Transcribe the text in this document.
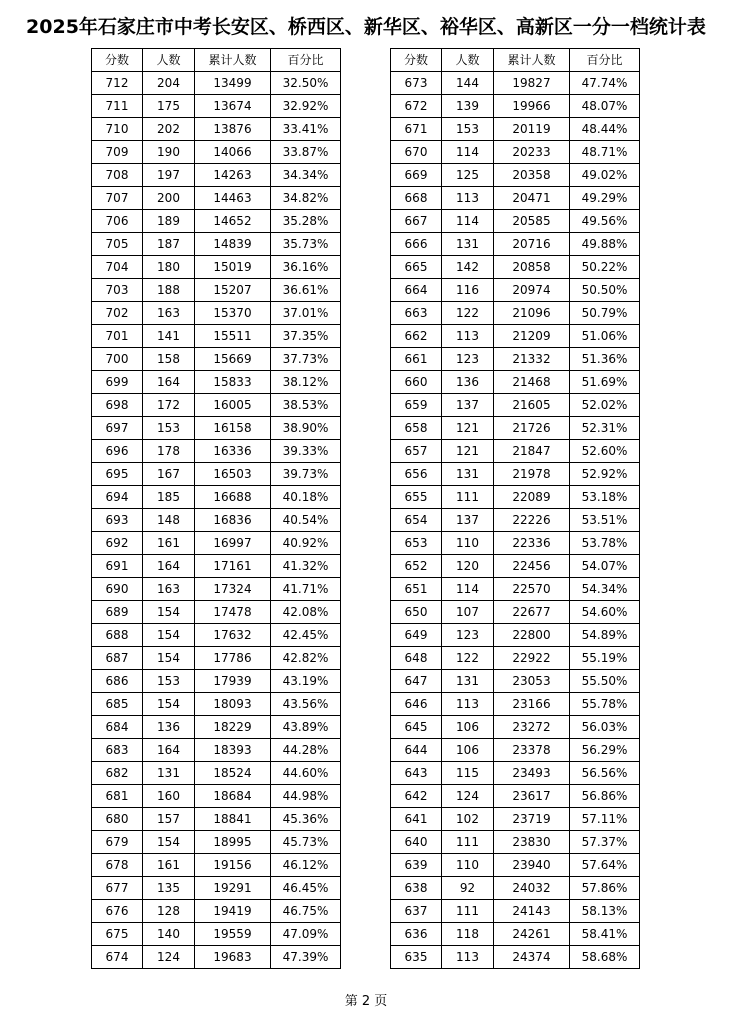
2025年石家庄市中考长安区、桥西区、新华区、裕华区、高新区一分一档统计表
分数	人数	累计人数	百分比
712	204	13499	32.50%
711	175	13674	32.92%
710	202	13876	33.41%
709	190	14066	33.87%
708	197	14263	34.34%
707	200	14463	34.82%
706	189	14652	35.28%
705	187	14839	35.73%
704	180	15019	36.16%
703	188	15207	36.61%
702	163	15370	37.01%
701	141	15511	37.35%
700	158	15669	37.73%
699	164	15833	38.12%
698	172	16005	38.53%
697	153	16158	38.90%
696	178	16336	39.33%
695	167	16503	39.73%
694	185	16688	40.18%
693	148	16836	40.54%
692	161	16997	40.92%
691	164	17161	41.32%
690	163	17324	41.71%
689	154	17478	42.08%
688	154	17632	42.45%
687	154	17786	42.82%
686	153	17939	43.19%
685	154	18093	43.56%
684	136	18229	43.89%
683	164	18393	44.28%
682	131	18524	44.60%
681	160	18684	44.98%
680	157	18841	45.36%
679	154	18995	45.73%
678	161	19156	46.12%
677	135	19291	46.45%
676	128	19419	46.75%
675	140	19559	47.09%
674	124	19683	47.39%
分数	人数	累计人数	百分比
673	144	19827	47.74%
672	139	19966	48.07%
671	153	20119	48.44%
670	114	20233	48.71%
669	125	20358	49.02%
668	113	20471	49.29%
667	114	20585	49.56%
666	131	20716	49.88%
665	142	20858	50.22%
664	116	20974	50.50%
663	122	21096	50.79%
662	113	21209	51.06%
661	123	21332	51.36%
660	136	21468	51.69%
659	137	21605	52.02%
658	121	21726	52.31%
657	121	21847	52.60%
656	131	21978	52.92%
655	111	22089	53.18%
654	137	22226	53.51%
653	110	22336	53.78%
652	120	22456	54.07%
651	114	22570	54.34%
650	107	22677	54.60%
649	123	22800	54.89%
648	122	22922	55.19%
647	131	23053	55.50%
646	113	23166	55.78%
645	106	23272	56.03%
644	106	23378	56.29%
643	115	23493	56.56%
642	124	23617	56.86%
641	102	23719	57.11%
640	111	23830	57.37%
639	110	23940	57.64%
638	92	24032	57.86%
637	111	24143	58.13%
636	118	24261	58.41%
635	113	24374	58.68%
第 2 页
